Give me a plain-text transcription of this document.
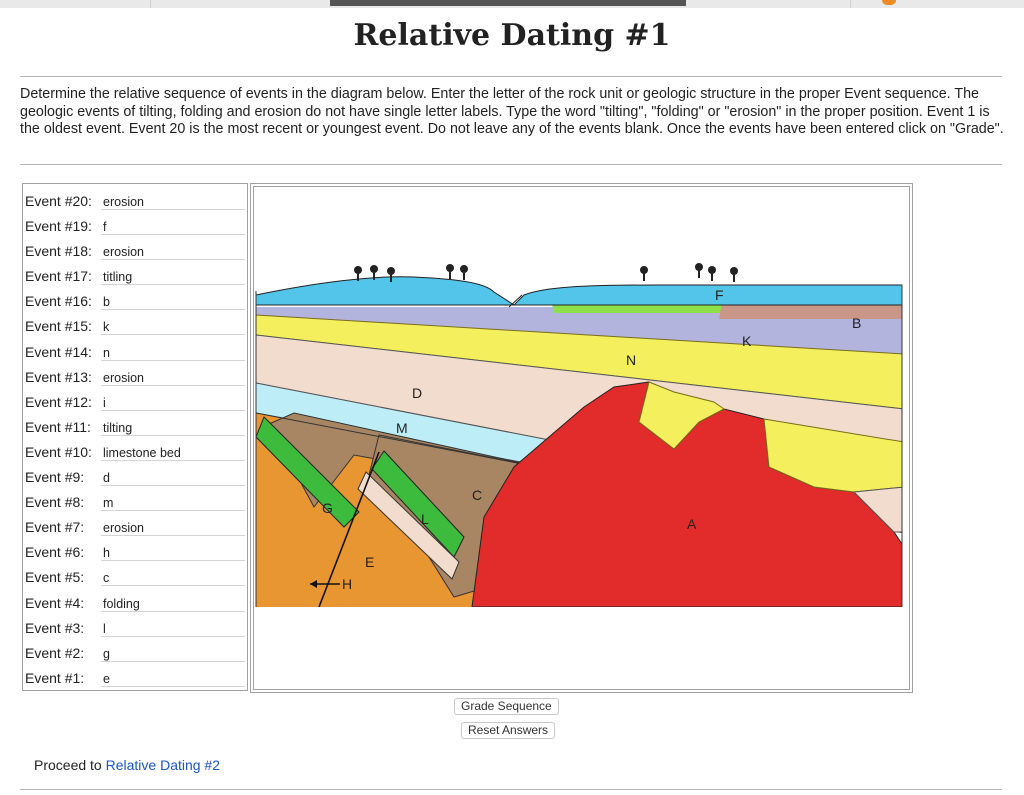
Relative Dating #1
Determine the relative sequence of events in the diagram below. Enter the letter of the rock unit or geologic structure in the proper Event sequence. The geologic events of tilting, folding and erosion do not have single letter labels. Type the word "tilting", "folding" or "erosion" in the proper position. Event 1 is the oldest event. Event 20 is the most recent or youngest event. Do not leave any of the events blank. Once the events have been entered click on "Grade".
Event #20:
erosion
Event #19:
f
Event #18:
erosion
Event #17:
titling
Event #16:
b
Event #15:
k
Event #14:
n
Event #13:
erosion
Event #12:
i
Event #11:
tilting
Event #10:
limestone bed
Event #9:
d
Event #8:
m
Event #7:
erosion
Event #6:
h
Event #5:
c
Event #4:
folding
Event #3:
l
Event #2:
g
Event #1:
e
F
B
K
N
D
M
C
A
G
L
E
H
Grade Sequence
Reset Answers
Proceed to Relative Dating #2
